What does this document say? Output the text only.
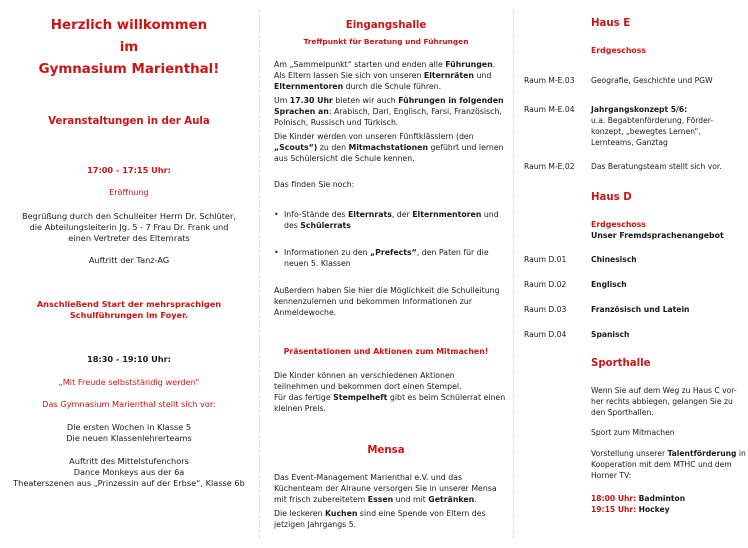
Herzlich willkommen
im
Gymnasium Marienthal!
Veranstaltungen in der Aula
17:00 - 17:15 Uhr:
Eröffnung
Begrüßung durch den Schulleiter Herrn Dr. Schlüter,
die Abteilungsleiterin Jg. 5 - 7 Frau Dr. Frank und
einen Vertreter des Elternrats
Auftritt der Tanz-AG
Anschließend Start der mehrsprachigen
Schulführungen im Foyer.
18:30 - 19:10 Uhr:
„Mit Freude selbstständig werden“
Das Gymnasium Marienthal stellt sich vor:
Die ersten Wochen in Klasse 5
Die neuen Klassenlehrerteams
Auftritt des Mittelstufenchors
Dance Monkeys aus der 6a
Theaterszenen aus „Prinzessin auf der Erbse“, Klasse 6b
Eingangshalle
Treffpunkt für Beratung und Führungen
Am „Sammelpunkt“ starten und enden alle Führungen.
Als Eltern lassen Sie sich von unseren Elternräten und
Elternmentoren durch die Schule führen.
Um 17.30 Uhr bieten wir auch Führungen in folgenden
Sprachen an: Arabisch, Dari, Englisch, Farsi, Französisch,
Polnisch, Russisch und Türkisch.
Die Kinder werden von unseren Fünftklässlern (den
„Scouts“) zu den Mitmachstationen geführt und lernen
aus Schülersicht die Schule kennen.
Das finden Sie noch:
• Info-Stände des Elternrats, der Elternmentoren und
des Schülerrats
• Informationen zu den „Prefects“, den Paten für die
neuen 5. Klassen
Außerdem haben Sie hier die Möglichkeit die Schulleitung
kennenzulernen und bekommen Informationen zur
Anmeldewoche.
Präsentationen und Aktionen zum Mitmachen!
Die Kinder können an verschiedenen Aktionen
teilnehmen und bekommen dort einen Stempel.
Für das fertige Stempelheft gibt es beim Schülerrat einen
kleinen Preis.
Mensa
Das Event-Management Marienthal e.V. und das
Küchenteam der Alraune versorgen Sie in unserer Mensa
mit frisch zubereitetem Essen und mit Getränken.
Die leckeren Kuchen sind eine Spende von Eltern des
jetzigen Jahrgangs 5.
Haus E
Erdgeschoss
Raum M-E.03 Geografie, Geschichte und PGW
Raum M-E.04 Jahrgangskonzept 5/6:
u.a. Begabtenförderung, Förder-
konzept, „bewegtes Lernen“,
Lernteams, Ganztag
Raum M-E.02 Das Beratungsteam stellt sich vor.
Haus D
Erdgeschoss
Unser Fremdsprachenangebot
Raum D.01	Chinesisch
Raum D.02	Englisch
Raum D.03	Französisch und Latein
Raum D.04	Spanisch
Sporthalle
Wenn Sie auf dem Weg zu Haus C vor-
her rechts abbiegen, gelangen Sie zu
den Sporthallen.
Sport zum Mitmachen
Vorstellung unserer Talentförderung in
Kooperation mit dem MTHC und dem
Horner TV:
18:00 Uhr: Badminton
19:15 Uhr: Hockey
